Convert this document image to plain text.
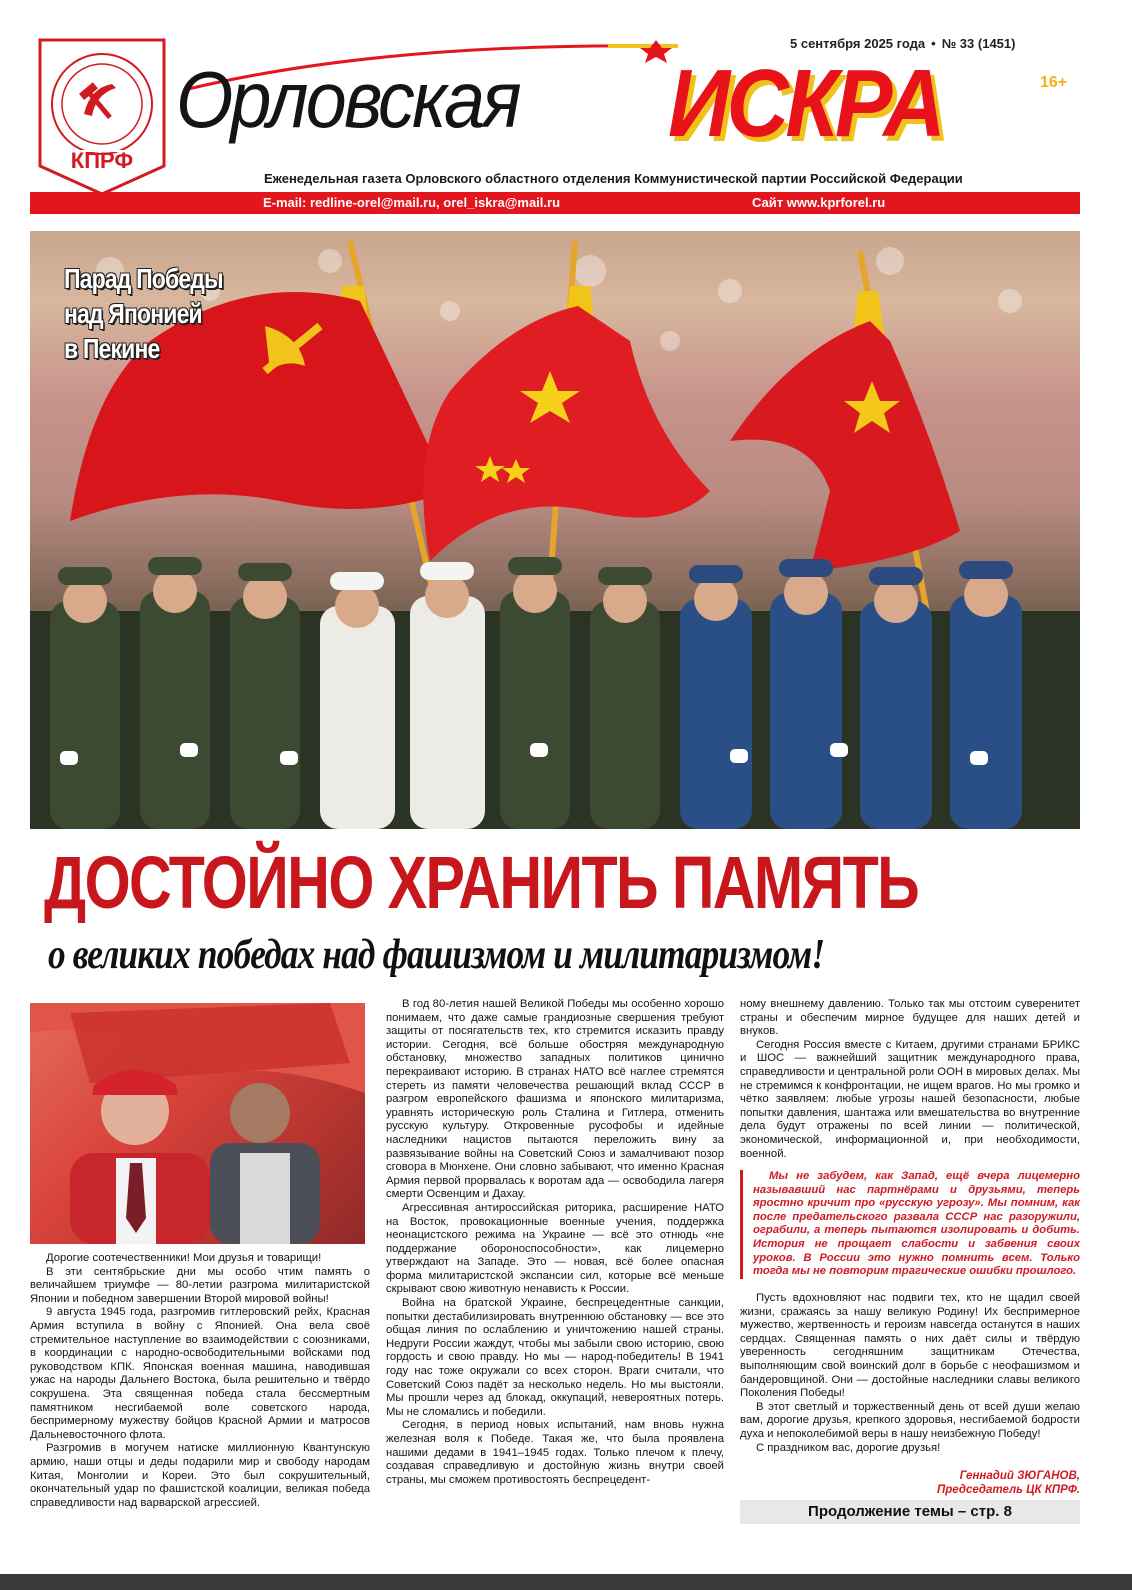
КПРФ
5 сентября 2025 года • № 33 (1451)
Орловская ИСКРА	16+
Еженедельная газета Орловского областного отделения Коммунистической партии Российской Федерации
E-mail: redline-orel@mail.ru, orel_iskra@mail.ru	Сайт www.kprforel.ru
Парад Победы
над Японией
в Пекине
ДОСТОЙНО ХРАНИТЬ ПАМЯТЬ
о великих победах над фашизмом и милитаризмом!

Дорогие соотечественники! Мои друзья и товарищи!

В эти сентябрьские дни мы особо чтим память о величайшем триумфе — 80-летии разгрома милитаристской Японии и победном завершении Второй мировой войны!

9 августа 1945 года, разгромив гитлеровский рейх, Красная Армия вступила в войну с Японией. Она вела своё стремительное наступление во взаимодействии с союзниками, в координации с народно-освободительными войсками под руководством КПК. Японская военная машина, наводившая ужас на народы Дальнего Востока, была решительно и твёрдо сокрушена. Эта священная победа стала бессмертным памятником несгибаемой воле советского народа, беспримерному мужеству бойцов Красной Армии и матросов Дальневосточного флота.

Разгромив в могучем натиске миллионную Квантунскую армию, наши отцы и деды подарили мир и свободу народам Китая, Монголии и Кореи. Это был сокрушительный, окончательный удар по фашистской коалиции, великая победа справедливости над варварской агрессией.

В год 80-летия нашей Великой Победы мы особенно хорошо понимаем, что даже самые грандиозные свершения требуют защиты от посягательств тех, кто стремится исказить правду истории. Сегодня, всё больше обостряя международную обстановку, множество западных политиков цинично перекраивают историю. В странах НАТО всё наглее стремятся стереть из памяти человечества решающий вклад СССР в разгром европейского фашизма и японского милитаризма, уравнять историческую роль Сталина и Гитлера, отменить русскую культуру. Откровенные русофобы и идейные наследники нацистов пытаются переложить вину за развязывание войны на Советский Союз и замалчивают позор сговора в Мюнхене. Они словно забывают, что именно Красная Армия первой прорвалась к воротам ада — освободила лагеря смерти Освенцим и Дахау.

Агрессивная антироссийская риторика, расширение НАТО на Восток, провокационные военные учения, поддержка неонацистского режима на Украине — всё это отнюдь «не поддержание обороноспособности», как лицемерно утверждают на Западе. Это — новая, всё более опасная форма милитаристской экспансии сил, которые всё меньше скрывают свою животную ненависть к России.

Война на братской Украине, беспрецедентные санкции, попытки дестабилизировать внутреннюю обстановку — все это общая линия по ослаблению и уничтожению нашей страны. Недруги России жаждут, чтобы мы забыли свою историю, свою гордость и свою правду. Но мы — народ-победитель! В 1941 году нас тоже окружали со всех сторон. Враги считали, что Советский Союз падёт за несколько недель. Но мы выстояли. Мы прошли через ад блокад, оккупаций, невероятных потерь. Мы не сломались и победили.

Сегодня, в период новых испытаний, нам вновь нужна железная воля к Победе. Такая же, что была проявлена нашими дедами в 1941–1945 годах. Только плечом к плечу, создавая справедливую и достойную жизнь внутри своей страны, мы сможем противостоять беспрецедент-

ному внешнему давлению. Только так мы отстоим суверенитет страны и обеспечим мирное будущее для наших детей и внуков.

Сегодня Россия вместе с Китаем, другими странами БРИКС и ШОС — важнейший защитник международного права, справедливости и центральной роли ООН в мировых делах. Мы не стремимся к конфронтации, не ищем врагов. Но мы громко и чётко заявляем: любые угрозы нашей безопасности, любые попытки давления, шантажа или вмешательства во внутренние дела будут отражены по всей линии — политической, экономической, информационной и, при необходимости, военной.

Мы не забудем, как Запад, ещё вчера лицемерно называвший нас партнёрами и друзьями, теперь яростно кричит про «русскую угрозу». Мы помним, как после предательского развала СССР нас разоружили, ограбили, а теперь пытаются изолировать и добить. История не прощает слабости и забвения своих уроков. В России это нужно помнить всем. Только тогда мы не повторим трагические ошибки прошлого.

Пусть вдохновляют нас подвиги тех, кто не щадил своей жизни, сражаясь за нашу великую Родину! Их беспримерное мужество, жертвенность и героизм навсегда останутся в наших сердцах. Священная память о них даёт силы и твёрдую уверенность сегодняшним защитникам Отечества, выполняющим свой воинский долг в борьбе с неофашизмом и бандеровщиной. Они — достойные наследники славы великого Поколения Победы!

В этот светлый и торжественный день от всей души желаю вам, дорогие друзья, крепкого здоровья, несгибаемой бодрости духа и непоколебимой веры в нашу неизбежную Победу!

С праздником вас, дорогие друзья!

Геннадий ЗЮГАНОВ,
Председатель ЦК КПРФ.
Продолжение темы – стр. 8
